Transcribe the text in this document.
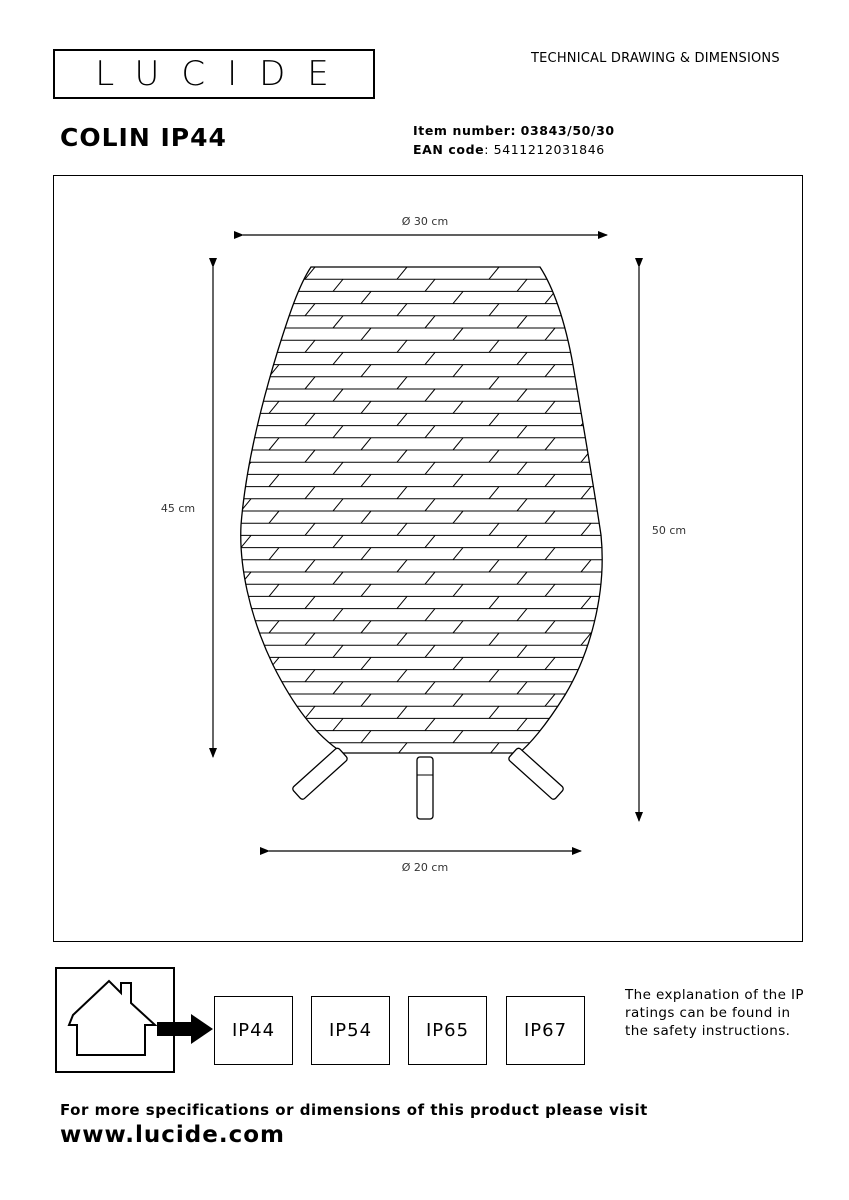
LUCIDE	TECHNICAL DRAWING & DIMENSIONS
COLIN IP44	Item number: 03843/50/30
EAN code: 5411212031846
Ø 30 cm
45 cm
50 cm
Ø 20 cm
IP44	IP54	IP65	IP67
The explanation of the IP ratings can be found in the safety instructions.
For more specifications or dimensions of this product please visit
www.lucide.com
